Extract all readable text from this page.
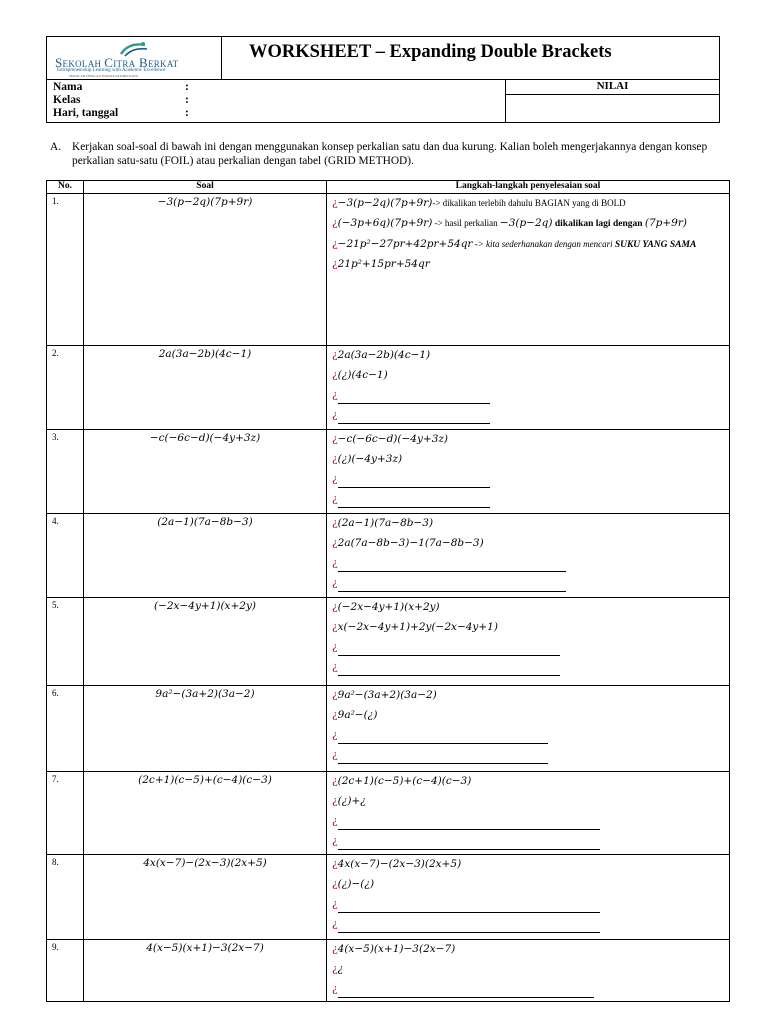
Sekolah Citra Berkat
Entrepreneurship Learning with Academic Excellence
SEKOLAH DENGAN WAWASAN KRISTIANI
WORKSHEET – Expanding Double Brackets
Nama	:
Kelas	:
Hari, tanggal	:
NILAI
A. Kerjakan soal-soal di bawah ini dengan menggunakan konsep perkalian satu dan dua kurung. Kalian boleh mengerjakannya dengan konsep perkalian satu-satu (FOIL) atau perkalian dengan tabel (GRID METHOD).
No.	Soal	Langkah-langkah penyelesaian soal
1.	−3(p−2q)(7p+9r)	¿−3(p−2q)(7p+9r)-> dikalikan terlebih dahulu BAGIAN yang di BOLD
¿(−3p+6q)(7p+9r) -> hasil perkalian −3(p−2q) dikalikan lagi dengan (7p+9r)
¿−21p²−27pr+42pr+54qr -> kita sederhanakan dengan mencari SUKU YANG SAMA
¿21p²+15pr+54qr

2.	2a(3a−2b)(4c−1)	¿2a(3a−2b)(4c−1)
¿(¿)(4c−1)
¿
¿

3.	−c(−6c−d)(−4y+3z)	¿−c(−6c−d)(−4y+3z)
¿(¿)(−4y+3z)
¿
¿

4.	(2a−1)(7a−8b−3)	¿(2a−1)(7a−8b−3)
¿2a(7a−8b−3)−1(7a−8b−3)
¿
¿

5.	(−2x−4y+1)(x+2y)	¿(−2x−4y+1)(x+2y)
¿x(−2x−4y+1)+2y(−2x−4y+1)
¿
¿

6.	9a²−(3a+2)(3a−2)	¿9a²−(3a+2)(3a−2)
¿9a²−(¿)
¿
¿

7.	(2c+1)(c−5)+(c−4)(c−3)	¿(2c+1)(c−5)+(c−4)(c−3)
¿(¿)+¿
¿
¿

8.	4x(x−7)−(2x−3)(2x+5)	¿4x(x−7)−(2x−3)(2x+5)
¿(¿)−(¿)
¿
¿

9.	4(x−5)(x+1)−3(2x−7)	¿4(x−5)(x+1)−3(2x−7)
¿¿
¿
